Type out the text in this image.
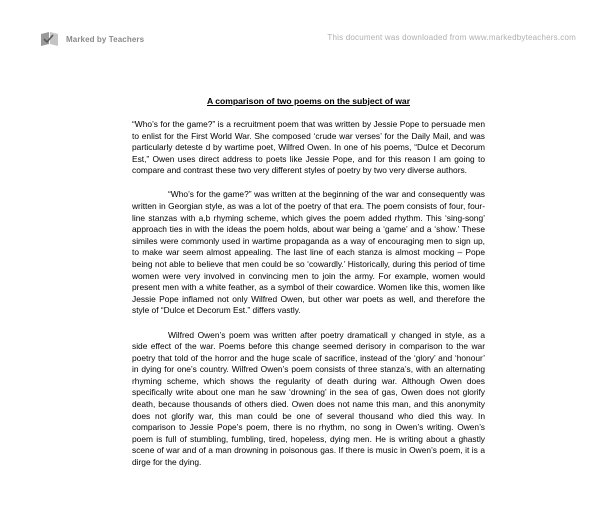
Marked by Teachers	This document was downloaded from www.markedbyteachers.com
A comparison of two poems on the subject of war

“Who’s for the game?” is a recruitment poem that was written by Jessie Pope to persuade men to enlist for the First World War. She composed ‘crude war verses’ for the Daily Mail, and was particularly deteste d by wartime poet, Wilfred Owen. In one of his poems, “Dulce et Decorum Est,” Owen uses direct address to poets like Jessie Pope, and for this reason I am going to compare and contrast these two very different styles of poetry by two very diverse authors.

“Who’s for the game?” was written at the beginning of the war and consequently was written in Georgian style, as was a lot of the poetry of that era. The poem consists of four, four-line stanzas with a,b rhyming scheme, which gives the poem added rhythm. This ‘sing-song’ approach ties in with the ideas the poem holds, about war being a ‘game’ and a ‘show.’ These similes were commonly used in wartime propaganda as a way of encouraging men to sign up, to make war seem almost appealing. The last line of each stanza is almost mocking – Pope being not able to believe that men could be so ‘cowardly.’ Historically, during this period of time women were very involved in convincing men to join the army. For example, women would present men with a white feather, as a symbol of their cowardice. Women like this, women like Jessie Pope inflamed not only Wilfred Owen, but other war poets as well, and therefore the style of “Dulce et Decorum Est.” differs vastly.

Wilfred Owen’s poem was written after poetry dramaticall y changed in style, as a side effect of the war. Poems before this change seemed derisory in comparison to the war poetry that told of the horror and the huge scale of sacrifice, instead of the ‘glory’ and ‘honour’ in dying for one’s country. Wilfred Owen’s poem consists of three stanza’s, with an alternating rhyming scheme, which shows the regularity of death during war. Although Owen does specifically write about one man he saw ‘drowning’ in the sea of gas, Owen does not glorify death, because thousands of others died. Owen does not name this man, and this anonymity does not glorify war, this man could be one of several thousand who died this way. In comparison to Jessie Pope’s poem, there is no rhythm, no song in Owen’s writing. Owen’s poem is full of stumbling, fumbling, tired, hopeless, dying men. He is writing about a ghastly scene of war and of a man drowning in poisonous gas. If there is music in Owen’s poem, it is a dirge for the dying.
